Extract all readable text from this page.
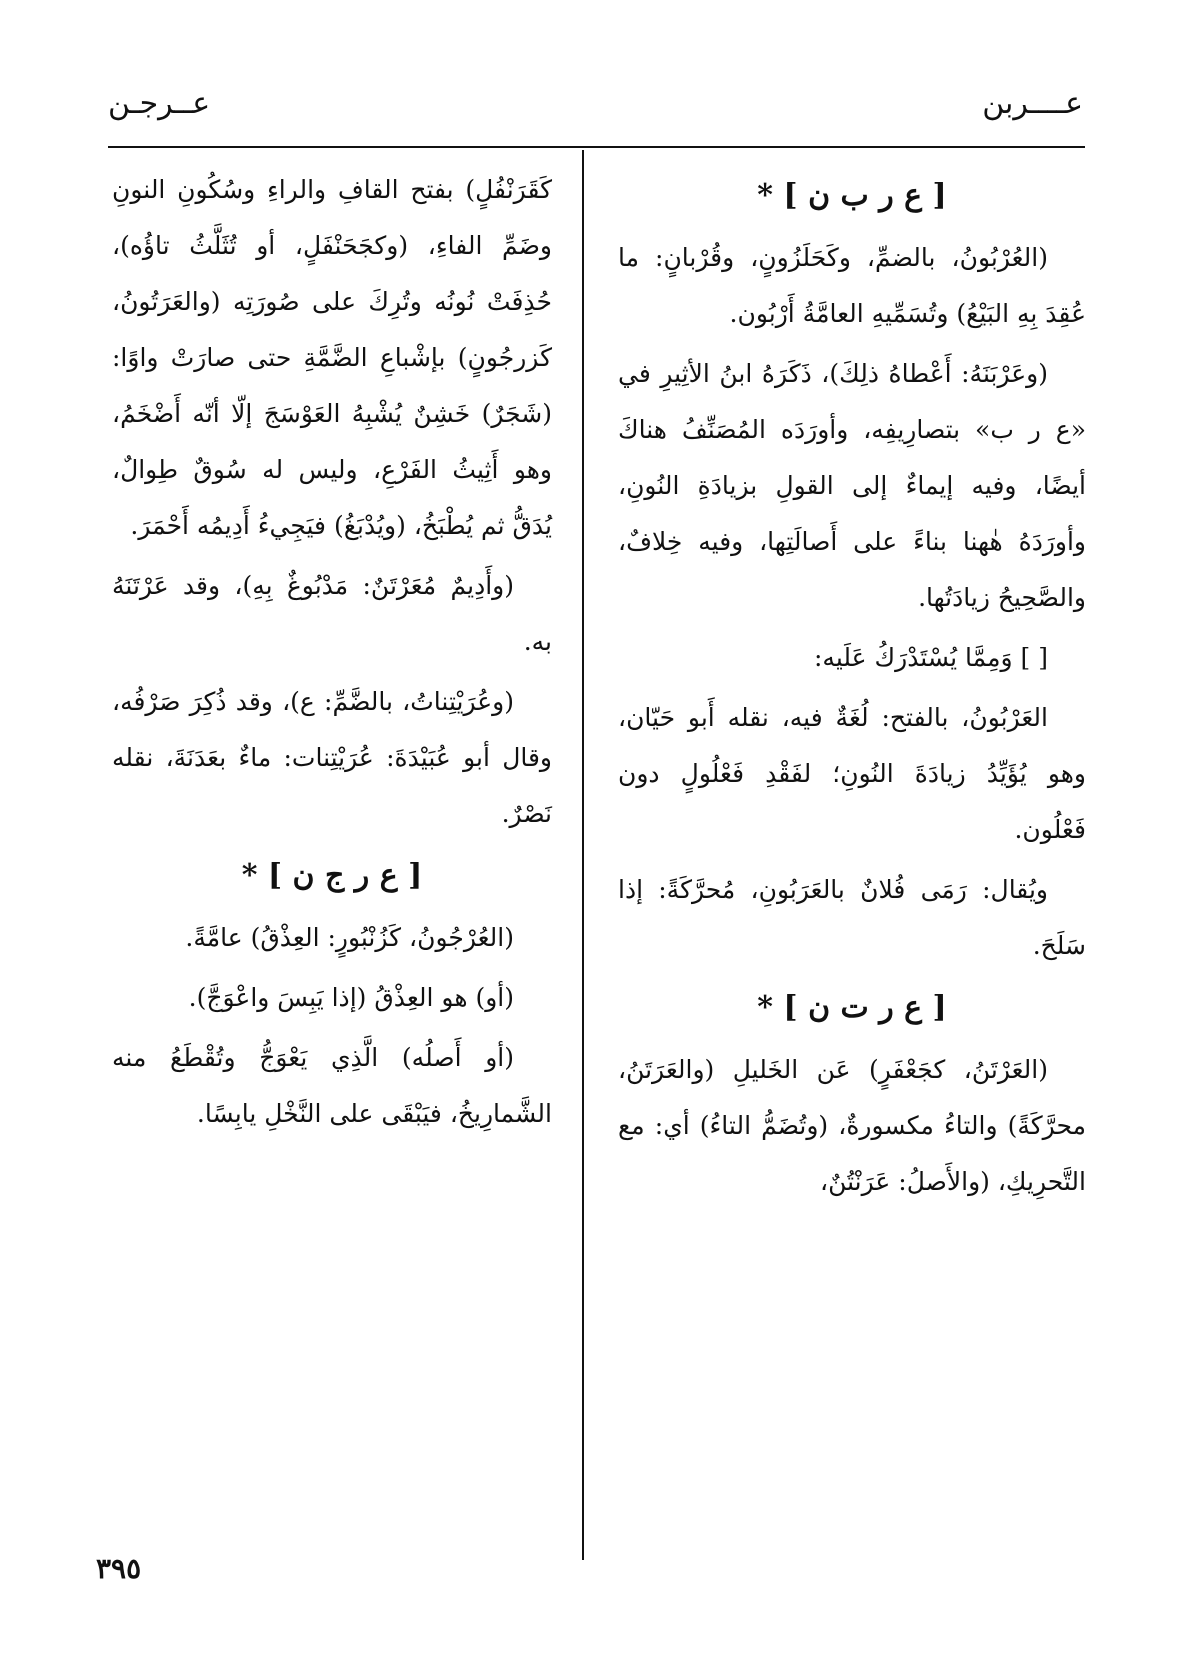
عــــربن
عــرجـن
[ ع ر ب ن ] *

(العُرْبُونُ، بالضمِّ، وكَحَلَزُونٍ، وقُرْبانٍ: ما عُقِدَ بِهِ البَيْعُ) وتُسَمِّيهِ العامَّةُ أَرْبُون.

(وعَرْبَنَهُ: أَعْطاهُ ذلِكَ)، ذَكَرَهُ ابنُ الأثِيرِ في «ع ر ب» بتصارِيفِه، وأورَدَه المُصَنِّفُ هناكَ أيضًا، وفيه إيماءٌ إلى القولِ بزيادَةِ النُونِ، وأورَدَهُ هٰهنا بناءً على أَصالَتِها، وفيه خِلافٌ، والصَّحِيحُ زيادَتُها.

[ ] وَمِمَّا يُسْتَدْرَكُ عَلَيه:

العَرْبُونُ، بالفتح: لُغَةٌ فيه، نقله أَبو حَيّان، وهو يُؤَيِّدُ زيادَةَ النُونِ؛ لفَقْدِ فَعْلُولٍ دون فَعْلُون.

ويُقال: رَمَى فُلانٌ بالعَرَبُونِ، مُحرَّكَةً: إذا سَلَحَ.

[ ع ر ت ن ] *

(العَرْتَنُ، كجَعْفَرٍ) عَن الخَليلِ (والعَرَتَنُ، محرَّكَةً) والتاءُ مكسورةٌ، (وتُضَمُّ التاءُ) أي: مع التَّحرِيكِ، (والأَصلُ: عَرَنْتُنٌ،

كَقَرَنْفُلٍ) بفتح القافِ والراءِ وسُكُونِ النونِ وضَمِّ الفاءِ، (وكجَحَنْفَلٍ، أو تُثَلَّثُ تاؤُه)، حُذِفَتْ نُونُه وتُرِكَ على صُورَتِه (والعَرَتُونُ، كَزرجُونٍ) بإشْباعِ الضَّمَّةِ حتى صارَتْ واوًا: (شَجَرٌ) خَشِنٌ يُشْبِهُ العَوْسَجَ إلّا أنّه أَضْخَمُ، وهو أَثِيثُ الفَرْعِ، وليس له سُوقٌ طِوالٌ، يُدَقُّ ثم يُطْبَخُ، (ويُدْبَغُ) فيَجِيءُ أَدِيمُه أَحْمَرَ.

(وأَدِيمٌ مُعَرْتَنٌ: مَدْبُوغٌ بِهِ)، وقد عَرْتَنَهُ به.

(وعُرَيْتِناتُ، بالضَّمِّ: ع)، وقد ذُكِرَ صَرْفُه، وقال أبو عُبَيْدَةَ: عُرَيْتِنات: ماءٌ بعَدَنَةَ، نقله نَصْرٌ.

[ ع ر ج ن ] *

(العُرْجُونُ، كَزُنْبُورٍ: العِذْقُ) عامَّةً.

(أو) هو العِذْقُ (إذا يَبِسَ واعْوَجَّ).

(أو أَصلُه) الَّذِي يَعْوَجُّ وتُقْطَعُ منه الشَّمارِيخُ، فيَبْقَى على النَّخْلِ يابِسًا.

٣٩٥
